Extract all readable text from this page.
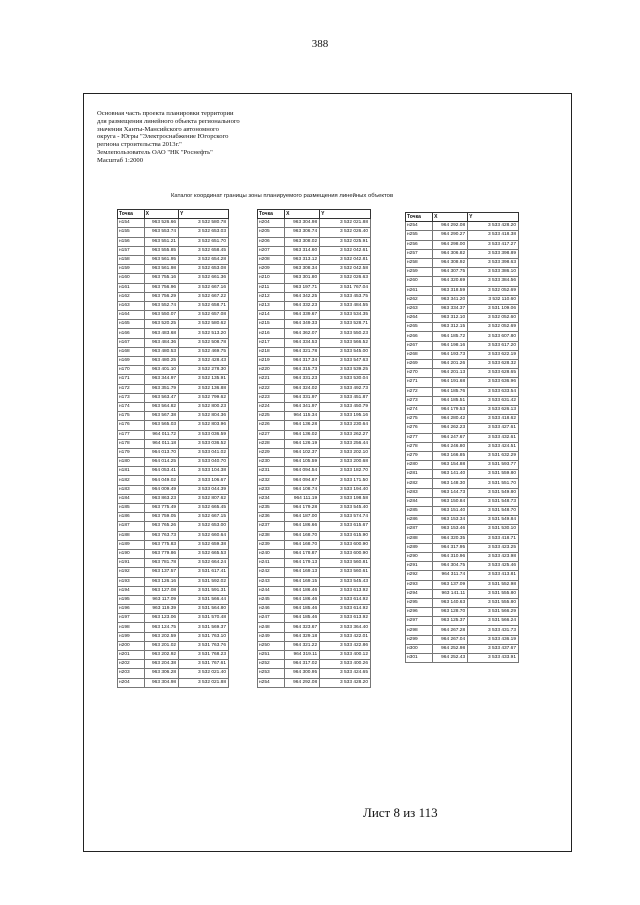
388
Основная часть проекта планировки территории
для размещения линейного объекта регионального
значения Ханты-Мансийского автономного
округа - Югры "Электроснабжение Югорского
региона строительства 2013г."
Землепользователь ОАО "НК "Роснефть"
Масштаб 1:2000
Каталог координат границы зоны планируемого размещения линейных объектов
Точка	X	Y
н154	963 526.66	3 532 580.78
н155	963 553.74	3 532 653.03
н156	963 551.21	3 532 651.70
н157	963 555.85	3 532 658.45
н158	963 561.95	3 532 654.28
н159	963 561.98	3 532 653.08
н160	963 755.16	3 532 661.36
н161	963 756.96	3 532 667.16
н162	963 756.29	3 532 667.22
н163	963 552.74	3 532 658.71
н164	963 550.07	3 532 657.08
н165	963 520.25	3 532 580.62
н166	963 483.68	3 532 513.20
н167	963 484.36	3 532 508.78
н168	963 480.53	3 532 469.75
н169	963 480.25	3 532 428.43
н170	963 401.10	3 532 278.30
н171	963 344.97	3 532 135.91
н172	963 351.79	3 532 136.88
н173	963 563.47	3 532 799.62
н174	963 564.82	3 532 800.23
н175	963 567.38	3 532 804.36
н176	963 565.03	3 532 803.96
н177	964 011.72	3 533 036.59
н178	964 011.18	3 533 036.52
н179	964 013.70	3 533 041.02
н180	964 014.25	3 533 040.70
н181	964 053.41	3 533 104.38
н182	964 049.02	3 533 106.67
н183	964 009.49	3 533 044.39
н184	963 863.23	3 532 807.62
н185	963 775.49	3 532 665.45
н186	963 759.05	3 532 667.15
н187	963 765.26	3 532 653.00
н188	963 763.73	3 532 660.64
н189	963 775.83	3 532 659.38
н190	963 779.86	3 532 665.53
н191	963 781.78	3 532 664.24
н192	963 137.57	3 531 617.41
н193	963 126.16	3 531 592.02
н194	963 127.08	3 531 591.31
н195	963 117.09	3 531 566.44
н196	963 119.39	3 531 564.80
н197	963 123.06	3 531 570.48
н198	963 124.75	3 531 569.37
н199	963 202.59	3 531 763.10
н200	963 201.02	3 531 763.76
н201	963 202.92	3 531 768.23
н202	963 204.38	3 531 767.61
н203	963 306.28	3 532 021.40
н204	963 304.98	3 532 021.88
Точка	X	Y
н204	963 304.98	3 532 021.88
н205	963 306.74	3 532 026.40
н206	963 308.02	3 532 025.91
н207	963 314.60	3 532 042.61
н208	963 313.12	3 532 042.81
н209	963 308.34	3 532 042.58
н210	963 301.80	3 532 026.63
н211	963 197.71	3 531 767.04
н212	964 342.25	3 533 453.75
н213	964 332.23	3 533 484.55
н214	964 339.67	3 533 534.35
н215	964 349.33	3 533 528.71
н216	964 362.07	3 533 550.23
н217	964 334.53	3 533 566.52
н218	964 321.78	3 533 545.00
н219	964 317.34	3 533 547.63
н220	964 315.73	3 533 539.25
н221	964 331.23	3 533 530.04
н222	964 324.02	3 533 492.73
н223	964 331.97	3 533 451.87
н224	964 341.97	3 533 450.79
н225	964 115.34	3 533 195.16
н226	964 136.28	3 533 230.64
н227	964 136.02	3 533 262.27
н228	964 126.19	3 533 256.44
н229	964 102.37	3 533 202.10
н230	964 105.59	3 533 200.68
н231	964 094.54	3 533 182.70
н232	964 094.67	3 533 171.50
н233	964 108.74	3 533 194.40
н234	964 111.19	3 533 198.58
н235	964 179.28	3 533 545.40
н236	964 187.00	3 533 574.74
н237	964 186.66	3 533 615.67
н238	964 168.70	3 533 615.90
н239	964 168.70	3 533 600.90
н240	964 178.87	3 533 600.90
н241	964 179.13	3 533 560.81
н242	964 169.13	3 533 560.61
н243	964 169.15	3 533 545.43
н244	964 186.46	3 533 613.92
н245	964 186.46	3 533 614.92
н246	964 185.46	3 533 614.92
н247	964 185.46	3 533 613.92
н248	964 323.67	3 533 364.40
н249	964 329.18	3 533 422.01
н250	964 321.22	3 533 422.86
н251	964 319.11	3 533 400.12
н252	964 317.02	3 533 400.26
н253	964 300.95	3 533 424.65
н254	964 292.08	3 533 428.20
Точка	X	Y
н254	964 292.08	3 533 428.20
н255	964 290.27	3 533 418.38
н256	964 298.00	3 533 417.27
н257	964 306.82	3 533 398.89
н258	964 308.92	3 533 398.63
н259	964 307.75	3 533 386.10
н260	964 320.69	3 533 384.56
н261	963 318.59	3 532 052.69
н262	963 341.20	3 532 110.60
н263	963 334.37	3 531 109.06
н264	963 312.10	3 532 052.60
н265	963 312.15	3 532 052.69
н266	964 185.72	3 533 607.80
н267	964 198.16	3 533 617.20
н268	964 193.73	3 533 622.19
н269	964 201.26	3 533 628.32
н270	964 201.13	3 533 628.65
н271	964 191.68	3 533 636.96
н272	964 185.76	3 533 633.54
н273	964 185.51	3 533 631.42
н274	964 179.53	3 533 626.13
н275	964 280.42	3 533 418.62
н276	964 262.23	3 533 427.61
н277	964 247.67	3 533 432.61
н278	964 246.80	3 533 424.51
н279	963 166.85	3 531 632.29
н280	963 154.88	3 531 593.77
н281	963 141.40	3 531 559.80
н282	963 148.30	3 531 551.70
н283	963 144.73	3 531 549.80
н284	963 150.84	3 531 548.73
н285	963 151.40	3 531 548.70
н286	963 153.34	3 531 549.84
н287	963 153.46	3 531 530.10
н288	964 320.35	3 533 418.71
н289	964 317.95	3 533 423.25
н290	964 310.96	3 533 423.98
н291	964 304.75	3 533 425.46
н292	964 311.74	3 533 413.81
н293	963 137.09	3 531 552.98
н294	963 141.11	3 531 555.80
н295	963 140.63	3 531 555.80
н296	963 128.70	3 531 566.29
н297	963 125.37	3 531 566.24
н298	964 267.28	3 533 431.73
н299	964 267.04	3 533 436.19
н300	964 252.98	3 533 437.67
н301	964 252.43	3 533 433.91
Лист 8 из 113
